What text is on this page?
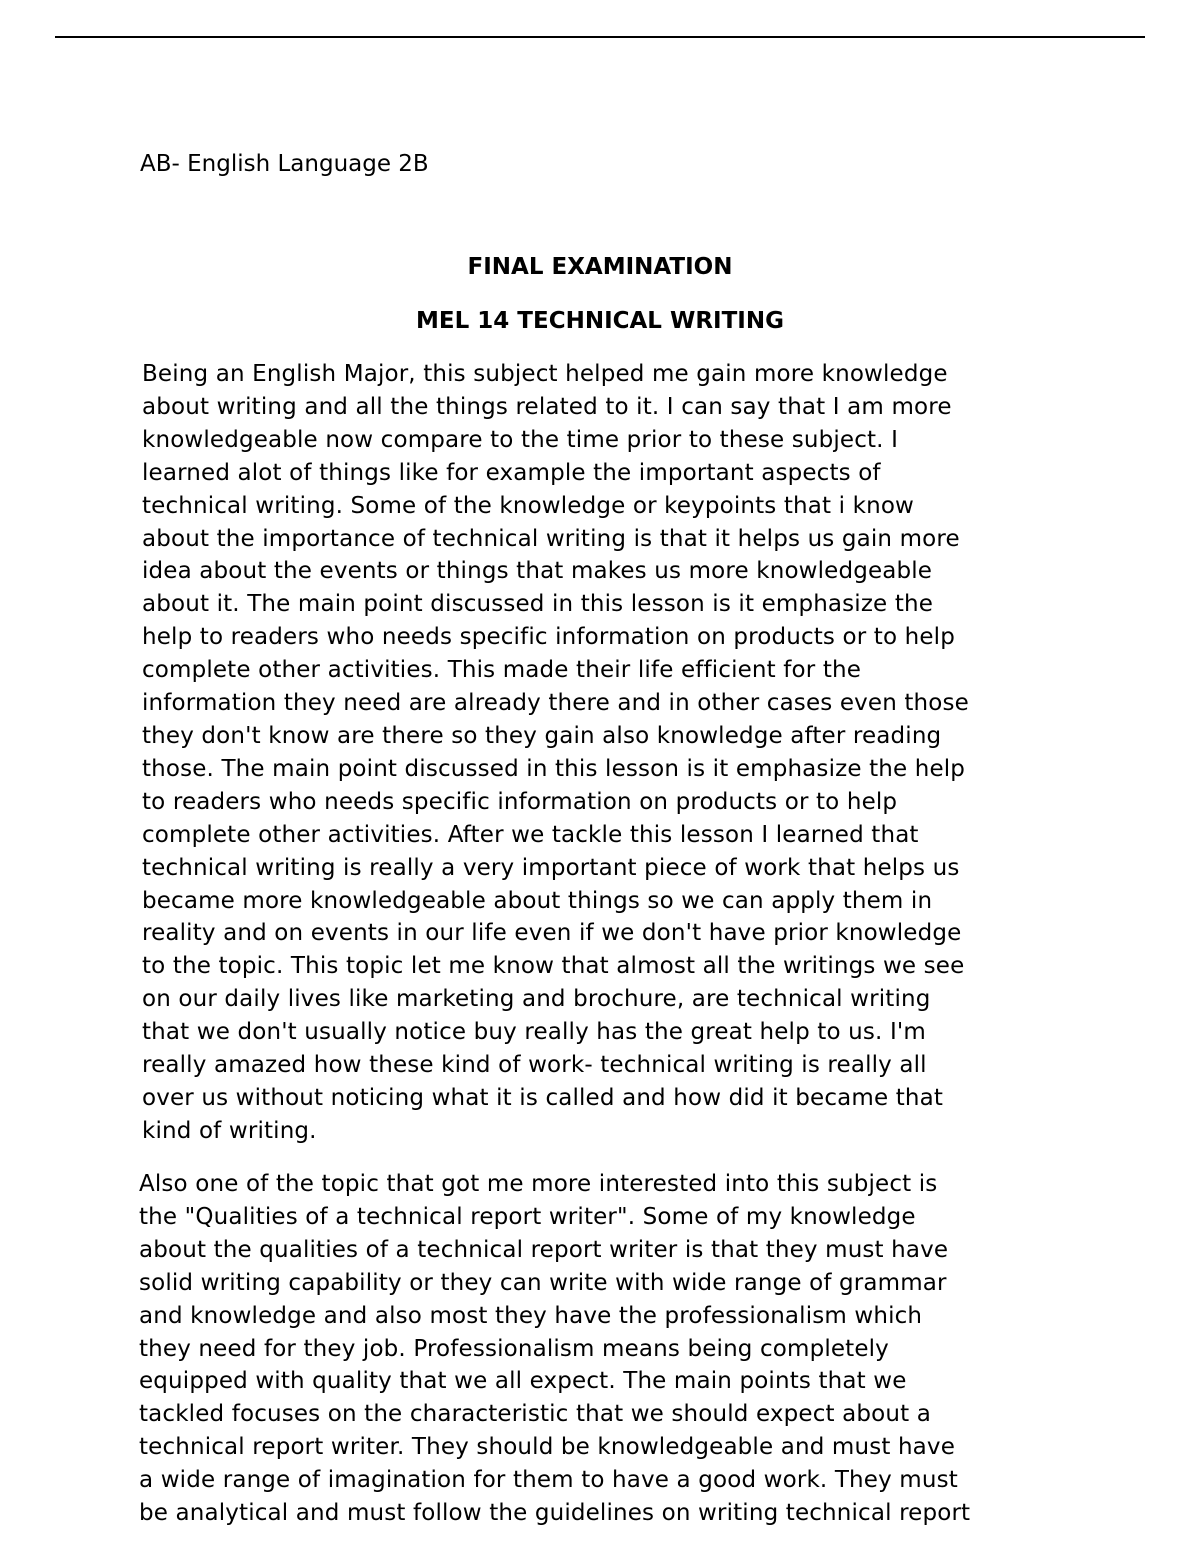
AB- English Language 2B
FINAL EXAMINATION
MEL 14 TECHNICAL WRITING
Being an English Major, this subject helped me gain more knowledge
about writing and all the things related to it. I can say that I am more
knowledgeable now compare to the time prior to these subject. I
learned alot of things like for example the important aspects of
technical writing. Some of the knowledge or keypoints that i know
about the importance of technical writing is that it helps us gain more
idea about the events or things that makes us more knowledgeable
about it. The main point discussed in this lesson is it emphasize the
help to readers who needs specific information on products or to help
complete other activities. This made their life efficient for the
information they need are already there and in other cases even those
they don't know are there so they gain also knowledge after reading
those. The main point discussed in this lesson is it emphasize the help
to readers who needs specific information on products or to help
complete other activities. After we tackle this lesson I learned that
technical writing is really a very important piece of work that helps us
became more knowledgeable about things so we can apply them in
reality and on events in our life even if we don't have prior knowledge
to the topic. This topic let me know that almost all the writings we see
on our daily lives like marketing and brochure, are technical writing
that we don't usually notice buy really has the great help to us. I'm
really amazed how these kind of work- technical writing is really all
over us without noticing what it is called and how did it became that
kind of writing.
Also one of the topic that got me more interested into this subject is
the "Qualities of a technical report writer". Some of my knowledge
about the qualities of a technical report writer is that they must have
solid writing capability or they can write with wide range of grammar
and knowledge and also most they have the professionalism which
they need for they job. Professionalism means being completely
equipped with quality that we all expect. The main points that we
tackled focuses on the characteristic that we should expect about a
technical report writer. They should be knowledgeable and must have
a wide range of imagination for them to have a good work. They must
be analytical and must follow the guidelines on writing technical report
